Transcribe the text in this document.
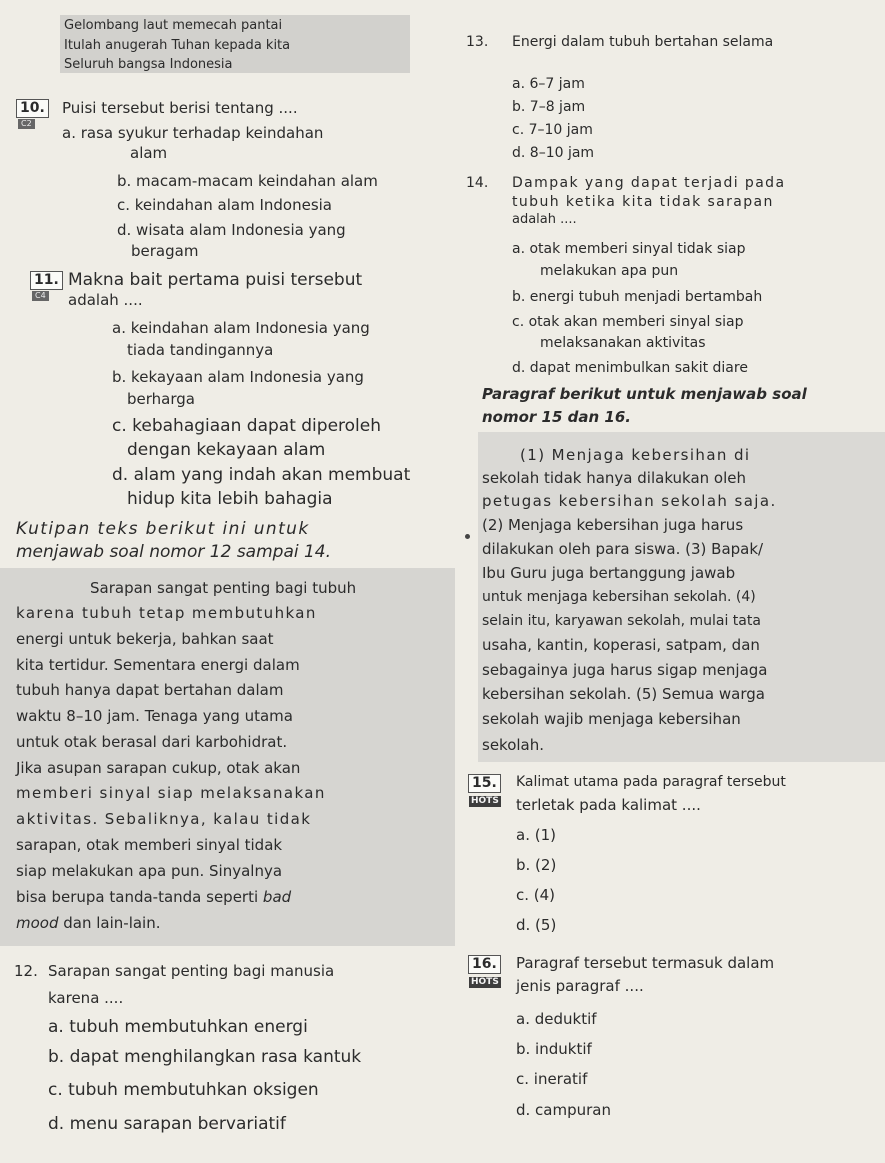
Gelombang laut memecah pantai
Itulah anugerah Tuhan kepada kita
Seluruh bangsa Indonesia
10.
C2
Puisi tersebut berisi tentang ....
a. rasa syukur terhadap keindahan
alam
b. macam-macam keindahan alam
c. keindahan alam Indonesia
d. wisata alam Indonesia yang
beragam
11.
C4
Makna bait pertama puisi tersebut
adalah ....
a. keindahan alam Indonesia yang
tiada tandingannya
b. kekayaan alam Indonesia yang
berharga
c. kebahagiaan dapat diperoleh
dengan kekayaan alam
d. alam yang indah akan membuat
hidup kita lebih bahagia
Kutipan teks berikut ini untuk
menjawab soal nomor 12 sampai 14.
Sarapan sangat penting bagi tubuh
karena tubuh tetap membutuhkan
energi untuk bekerja, bahkan saat
kita tertidur. Sementara energi dalam
tubuh hanya dapat bertahan dalam
waktu 8–10 jam. Tenaga yang utama
untuk otak berasal dari karbohidrat.
Jika asupan sarapan cukup, otak akan
memberi sinyal siap melaksanakan
aktivitas. Sebaliknya, kalau tidak
sarapan, otak memberi sinyal tidak
siap melakukan apa pun. Sinyalnya
bisa berupa tanda-tanda seperti bad
mood dan lain-lain.
12. Sarapan sangat penting bagi manusia
karena ....
a. tubuh membutuhkan energi
b. dapat menghilangkan rasa kantuk
c. tubuh membutuhkan oksigen
d. menu sarapan bervariatif
13. Energi dalam tubuh bertahan selama
a. 6–7 jam
b. 7–8 jam
c. 7–10 jam
d. 8–10 jam
14. Dampak yang dapat terjadi pada
tubuh ketika kita tidak sarapan
adalah ....
a. otak memberi sinyal tidak siap
melakukan apa pun
b. energi tubuh menjadi bertambah
c. otak akan memberi sinyal siap
melaksanakan aktivitas
d. dapat menimbulkan sakit diare
Paragraf berikut untuk menjawab soal
nomor 15 dan 16.
(1) Menjaga kebersihan di
sekolah tidak hanya dilakukan oleh
petugas kebersihan sekolah saja.
(2) Menjaga kebersihan juga harus
dilakukan oleh para siswa. (3) Bapak/
Ibu Guru juga bertanggung jawab
untuk menjaga kebersihan sekolah. (4)
selain itu, karyawan sekolah, mulai tata
usaha, kantin, koperasi, satpam, dan
sebagainya juga harus sigap menjaga
kebersihan sekolah. (5) Semua warga
sekolah wajib menjaga kebersihan
sekolah.
15.
HOTS
Kalimat utama pada paragraf tersebut
terletak pada kalimat ....
a. (1)
b. (2)
c. (4)
d. (5)
16.
HOTS
Paragraf tersebut termasuk dalam
jenis paragraf ....
a. deduktif
b. induktif
c. ineratif
d. campuran
